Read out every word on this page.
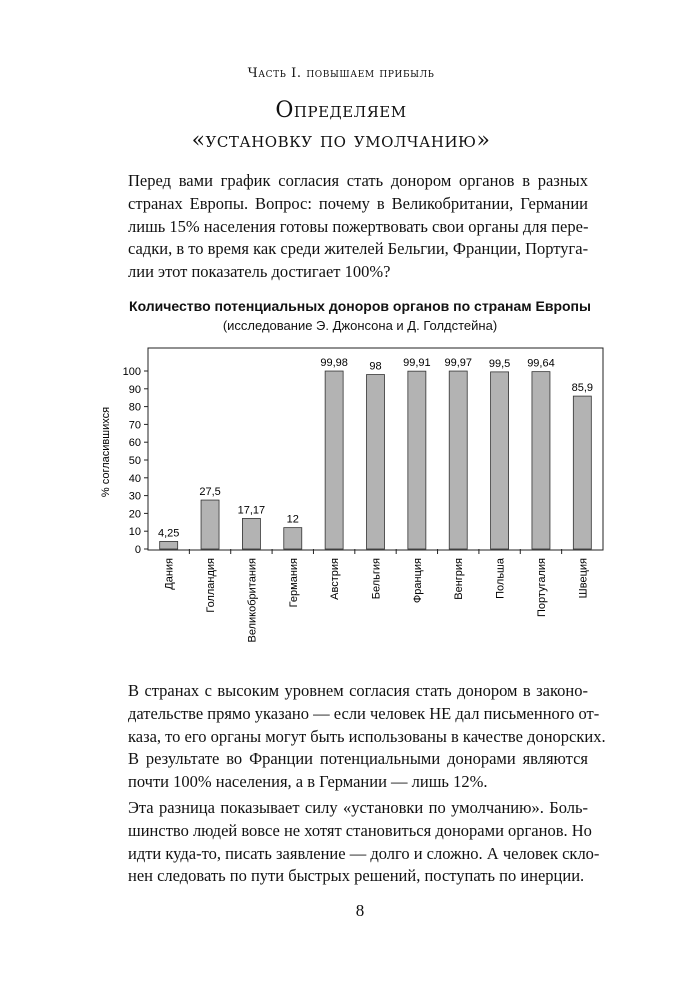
Часть I. повышаем прибыль
Определяем
«установку по умолчанию»
Перед вами график согласия стать донором органов в разных
странах Европы. Вопрос: почему в Великобритании, Германии
лишь 15% населения готовы пожертвовать свои органы для пере-
садки, в то время как среди жителей Бельгии, Франции, Португа-
лии этот показатель достигает 100%?
Количество потенциальных доноров органов по странам Европы
(исследование Э. Джонсона и Д. Голдстейна)
0
10
20
30
40
50
60
70
80
90
100
4,25
27,5
17,17
12
99,98 98 99,91 99,97 99,5 99,64
85,9
Дания	Голландия	Великобритания	Германия	Австрия	Бельгия	Франция	Венгрия	Польша	Португалия	Швеция
% согласившихся
В странах с высоким уровнем согласия стать донором в законо-
дательстве прямо указано — если человек НЕ дал письменного от-
каза, то его органы могут быть использованы в качестве донорских.
В результате во Франции потенциальными донорами являются
почти 100% населения, а в Германии — лишь 12%.
Эта разница показывает силу «установки по умолчанию». Боль-
шинство людей вовсе не хотят становиться донорами органов. Но
идти куда-то, писать заявление — долго и сложно. А человек скло-
нен следовать по пути быстрых решений, поступать по инерции.
8
